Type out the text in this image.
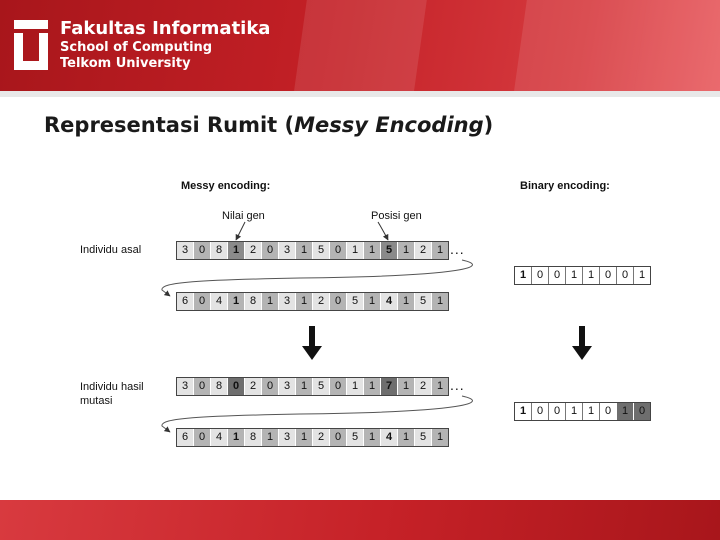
Fakultas Informatika
School of Computing
Telkom University
Representasi Rumit (Messy Encoding)
Messy encoding:	Binary encoding:
Nilai gen	Posisi gen
Individu asal
Individu hasil
mutasi
3 0 8 1 2 0 3 1 5 0 1 1 5 1 2 1 ...
6 0 4 1 8 1 3 1 2 0 5 1 4 1 5 1
3 0 8 0 2 0 3 1 5 0 1 1 7 1 2 1 ...
6 0 4 1 8 1 3 1 2 0 5 1 4 1 5 1
1 0 0 1 1 0 0 1
1 0 0 1 1 0 1 0
